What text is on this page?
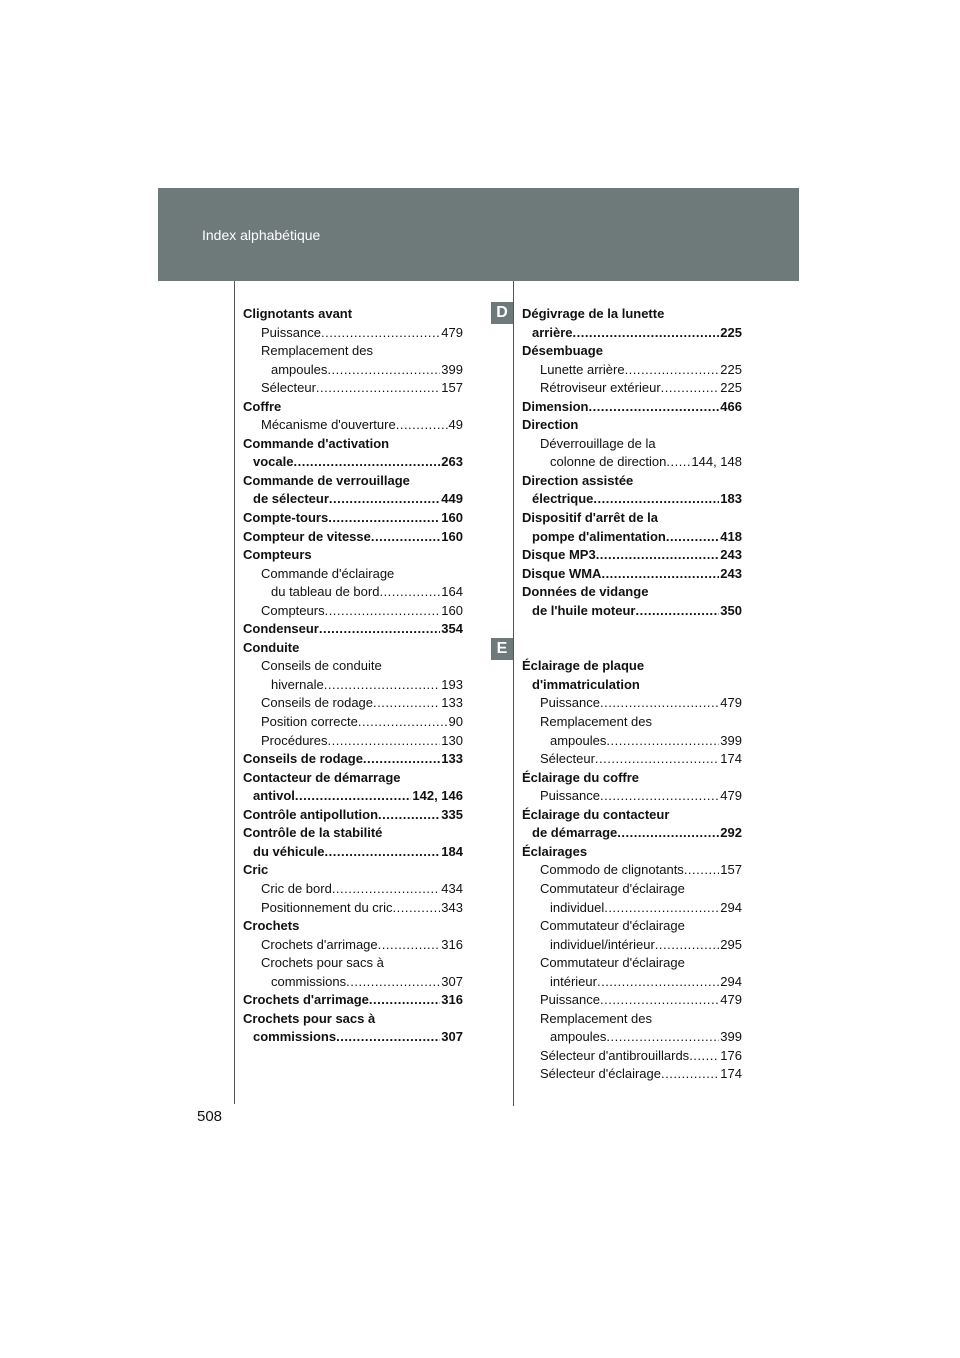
Index alphabétique
D
E
Clignotants avant
Puissance .....	479
Remplacement des
ampoules .....	399
Sélecteur .....	157
Coffre
Mécanisme d'ouverture .....	49
Commande d'activation
vocale .....	263
Commande de verrouillage
de sélecteur .....	449
Compte-tours .....	160
Compteur de vitesse .....	160
Compteurs
Commande d'éclairage
du tableau de bord .....	164
Compteurs .....	160
Condenseur .....	354
Conduite
Conseils de conduite
hivernale .....	193
Conseils de rodage .....	133
Position correcte .....	90
Procédures .....	130
Conseils de rodage .....	133
Contacteur de démarrage
antivol .....	142, 146
Contrôle antipollution .....	335
Contrôle de la stabilité
du véhicule .....	184
Cric
Cric de bord .....	434
Positionnement du cric .....	343
Crochets
Crochets d'arrimage .....	316
Crochets pour sacs à
commissions .....	307
Crochets d'arrimage .....	316
Crochets pour sacs à
commissions .....	307
Dégivrage de la lunette
arrière .....	225
Désembuage
Lunette arrière .....	225
Rétroviseur extérieur .....	225
Dimension .....	466
Direction
Déverrouillage de la
colonne de direction ..... 144, 148
Direction assistée
électrique .....	183
Dispositif d'arrêt de la
pompe d'alimentation .....	418
Disque MP3 .....	243
Disque WMA .....	243
Données de vidange
de l'huile moteur .....	350
Éclairage de plaque
d'immatriculation
Puissance .....	479
Remplacement des
ampoules .....	399
Sélecteur .....	174
Éclairage du coffre
Puissance .....	479
Éclairage du contacteur
de démarrage .....	292
Éclairages
Commodo de clignotants .....	157
Commutateur d'éclairage
individuel .....	294
Commutateur d'éclairage
individuel/intérieur .....	295
Commutateur d'éclairage
intérieur .....	294
Puissance .....	479
Remplacement des
ampoules .....	399
Sélecteur d'antibrouillards ..... 176
Sélecteur d'éclairage .....	174
508
